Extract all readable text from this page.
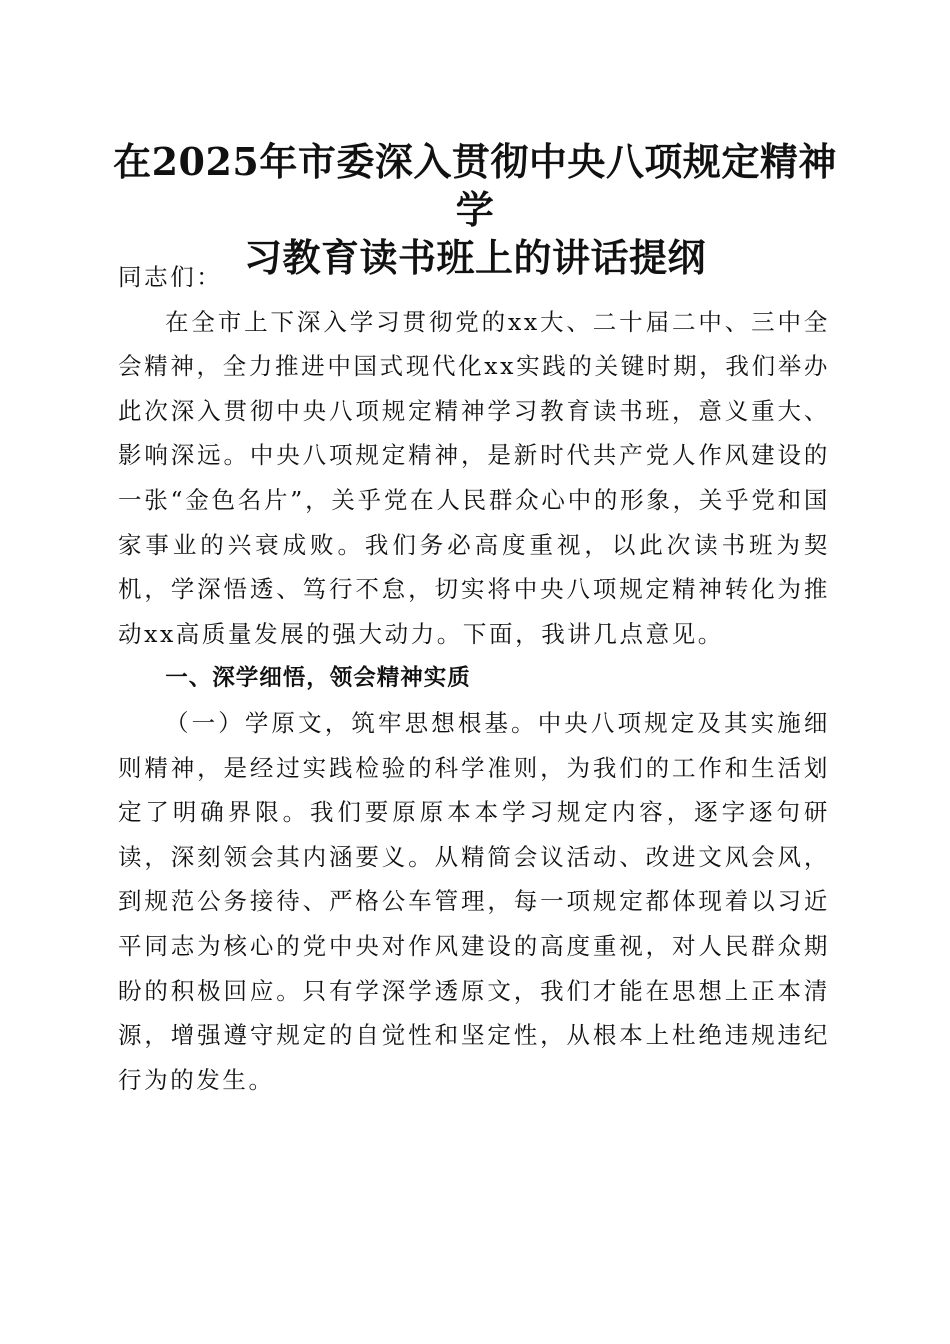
在2025年市委深入贯彻中央八项规定精神学
习教育读书班上的讲话提纲

同志们：

在全市上下深入学习贯彻党的xx大、二十届二中、三中全会精神，全力推进中国式现代化xx实践的关键时期，我们举办此次深入贯彻中央八项规定精神学习教育读书班，意义重大、影响深远。中央八项规定精神，是新时代共产党人作风建设的一张“金色名片”，关乎党在人民群众心中的形象，关乎党和国家事业的兴衰成败。我们务必高度重视，以此次读书班为契机，学深悟透、笃行不怠，切实将中央八项规定精神转化为推动xx高质量发展的强大动力。下面，我讲几点意见。

一、深学细悟，领会精神实质

（一）学原文，筑牢思想根基。中央八项规定及其实施细则精神，是经过实践检验的科学准则，为我们的工作和生活划定了明确界限。我们要原原本本学习规定内容，逐字逐句研读，深刻领会其内涵要义。从精简会议活动、改进文风会风，到规范公务接待、严格公车管理，每一项规定都体现着以习近平同志为核心的党中央对作风建设的高度重视，对人民群众期盼的积极回应。只有学深学透原文，我们才能在思想上正本清源，增强遵守规定的自觉性和坚定性，从根本上杜绝违规违纪行为的发生。
